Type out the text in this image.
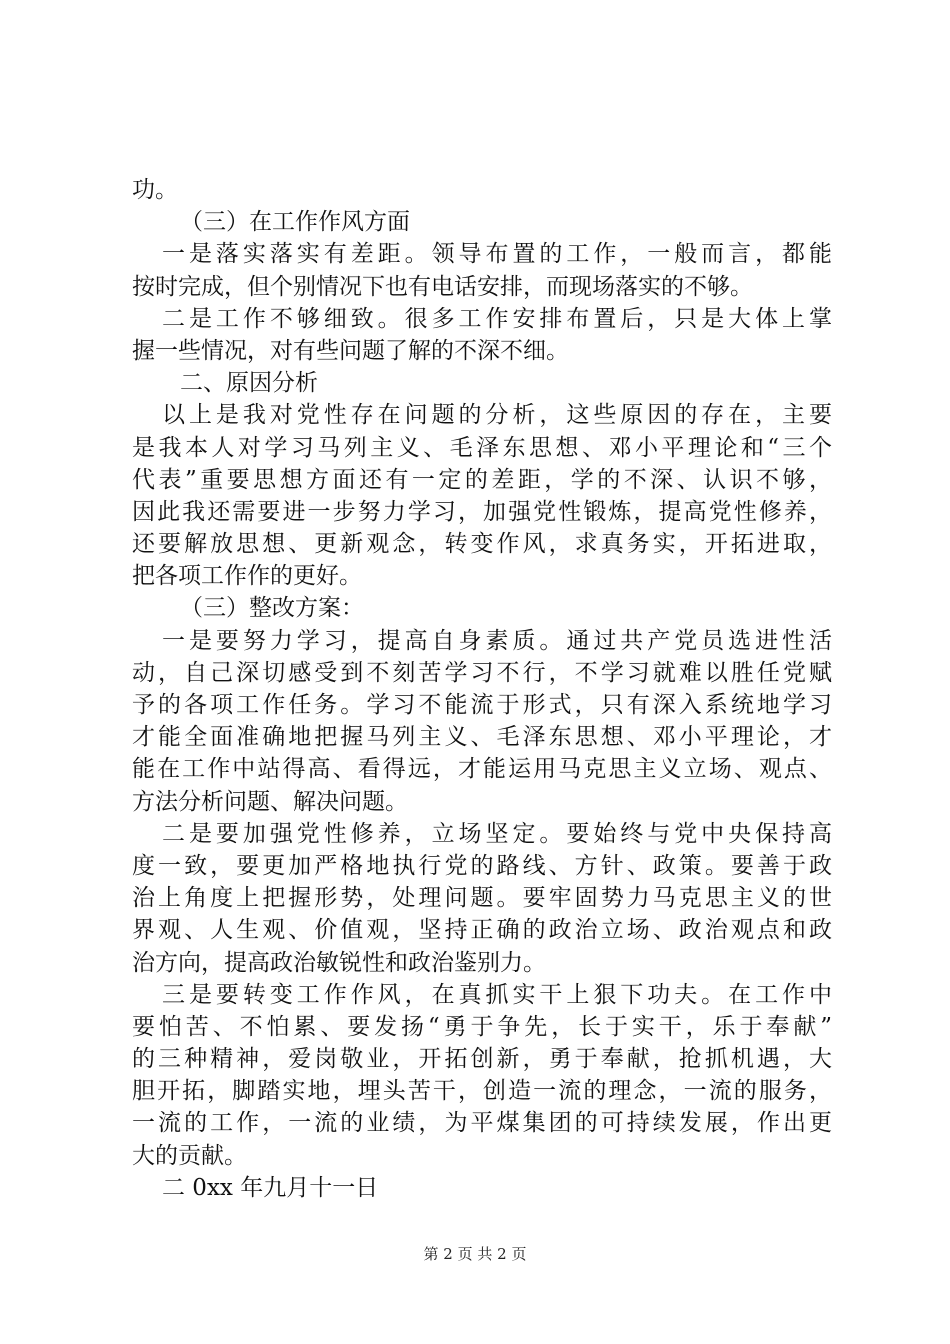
功。
（三）在工作作风方面
一是落实落实有差距。领导布置的工作，一般而言，都能
按时完成，但个别情况下也有电话安排，而现场落实的不够。
二是工作不够细致。很多工作安排布置后，只是大体上掌
握一些情况，对有些问题了解的不深不细。
二、原因分析
以上是我对党性存在问题的分析，这些原因的存在，主要
是我本人对学习马列主义、毛泽东思想、邓小平理论和“三个
代表”重要思想方面还有一定的差距，学的不深、认识不够，
因此我还需要进一步努力学习，加强党性锻炼，提高党性修养，
还要解放思想、更新观念，转变作风，求真务实，开拓进取，
把各项工作作的更好。
（三）整改方案：
一是要努力学习，提高自身素质。通过共产党员选进性活
动，自己深切感受到不刻苦学习不行，不学习就难以胜任党赋
予的各项工作任务。学习不能流于形式，只有深入系统地学习
才能全面准确地把握马列主义、毛泽东思想、邓小平理论，才
能在工作中站得高、看得远，才能运用马克思主义立场、观点、
方法分析问题、解决问题。
二是要加强党性修养，立场坚定。要始终与党中央保持高
度一致，要更加严格地执行党的路线、方针、政策。要善于政
治上角度上把握形势，处理问题。要牢固势力马克思主义的世
界观、人生观、价值观，坚持正确的政治立场、政治观点和政
治方向，提高政治敏锐性和政治鉴别力。
三是要转变工作作风，在真抓实干上狠下功夫。在工作中
要怕苦、不怕累、要发扬“勇于争先，长于实干，乐于奉献”
的三种精神，爱岗敬业，开拓创新，勇于奉献，抢抓机遇，大
胆开拓，脚踏实地，埋头苦干，创造一流的理念，一流的服务，
一流的工作，一流的业绩，为平煤集团的可持续发展，作出更
大的贡献。
二 0xx 年九月十一日
第 2 页 共 2 页
